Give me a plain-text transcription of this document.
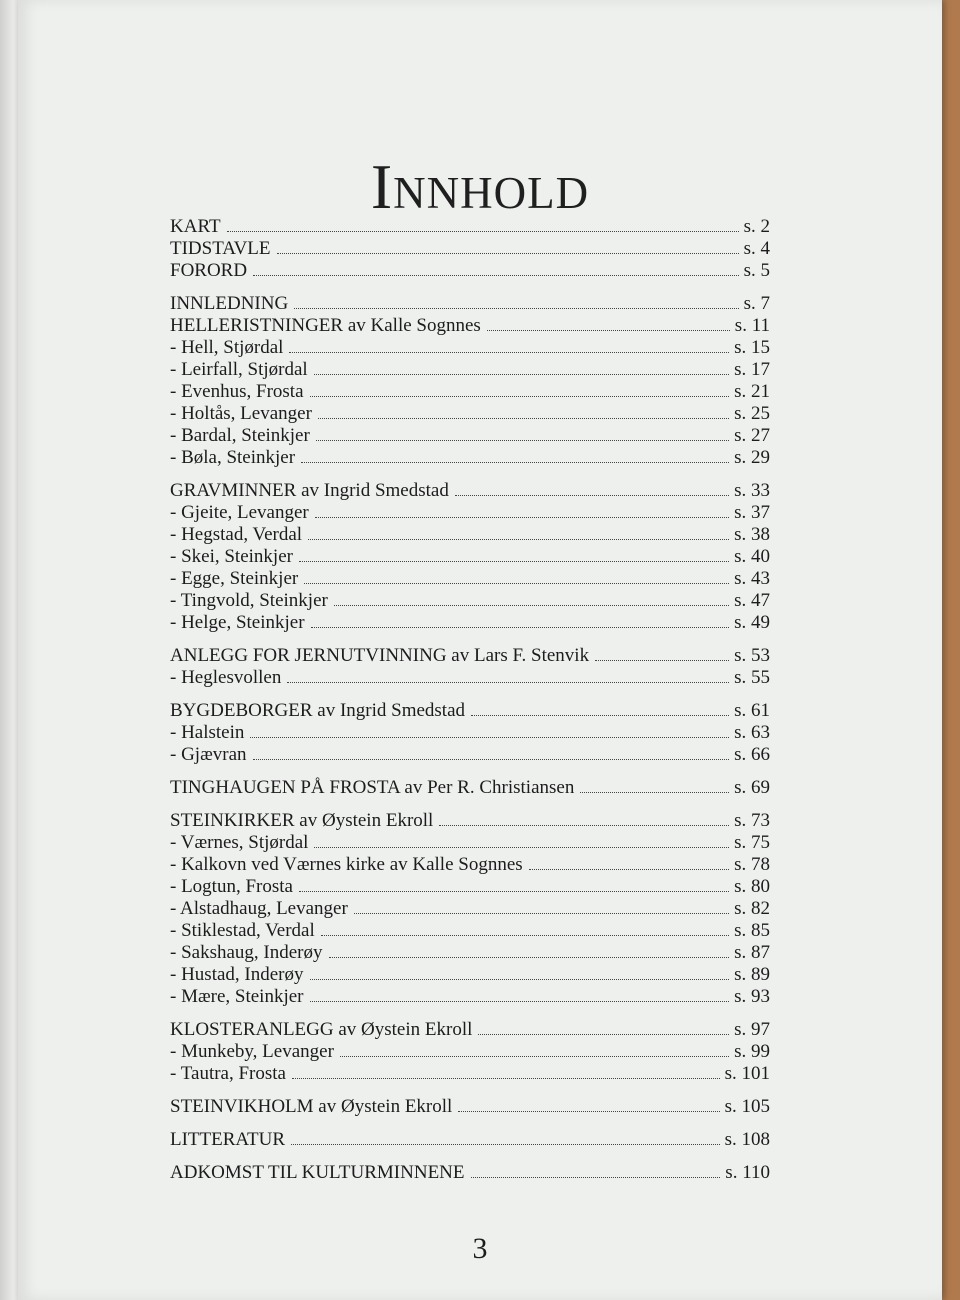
Innhold
KART	s. 2
TIDSTAVLE	s. 4
FORORD	s. 5
INNLEDNING	s. 7
HELLERISTNINGER av Kalle Sognnes	s. 11
- Hell, Stjørdal	s. 15
- Leirfall, Stjørdal	s. 17
- Evenhus, Frosta	s. 21
- Holtås, Levanger	s. 25
- Bardal, Steinkjer	s. 27
- Bøla, Steinkjer	s. 29
GRAVMINNER av Ingrid Smedstad	s. 33
- Gjeite, Levanger	s. 37
- Hegstad, Verdal	s. 38
- Skei, Steinkjer	s. 40
- Egge, Steinkjer	s. 43
- Tingvold, Steinkjer	s. 47
- Helge, Steinkjer	s. 49
ANLEGG FOR JERNUTVINNING av Lars F. Stenvik	s. 53
- Heglesvollen	s. 55
BYGDEBORGER av Ingrid Smedstad	s. 61
- Halstein	s. 63
- Gjævran	s. 66
TINGHAUGEN PÅ FROSTA av Per R. Christiansen	s. 69
STEINKIRKER av Øystein Ekroll	s. 73
- Værnes, Stjørdal	s. 75
- Kalkovn ved Værnes kirke av Kalle Sognnes	s. 78
- Logtun, Frosta	s. 80
- Alstadhaug, Levanger	s. 82
- Stiklestad, Verdal	s. 85
- Sakshaug, Inderøy	s. 87
- Hustad, Inderøy	s. 89
- Mære, Steinkjer	s. 93
KLOSTERANLEGG av Øystein Ekroll	s. 97
- Munkeby, Levanger	s. 99
- Tautra, Frosta	s. 101
STEINVIKHOLM av Øystein Ekroll	s. 105
LITTERATUR	s. 108
ADKOMST TIL KULTURMINNENE	s. 110
3
